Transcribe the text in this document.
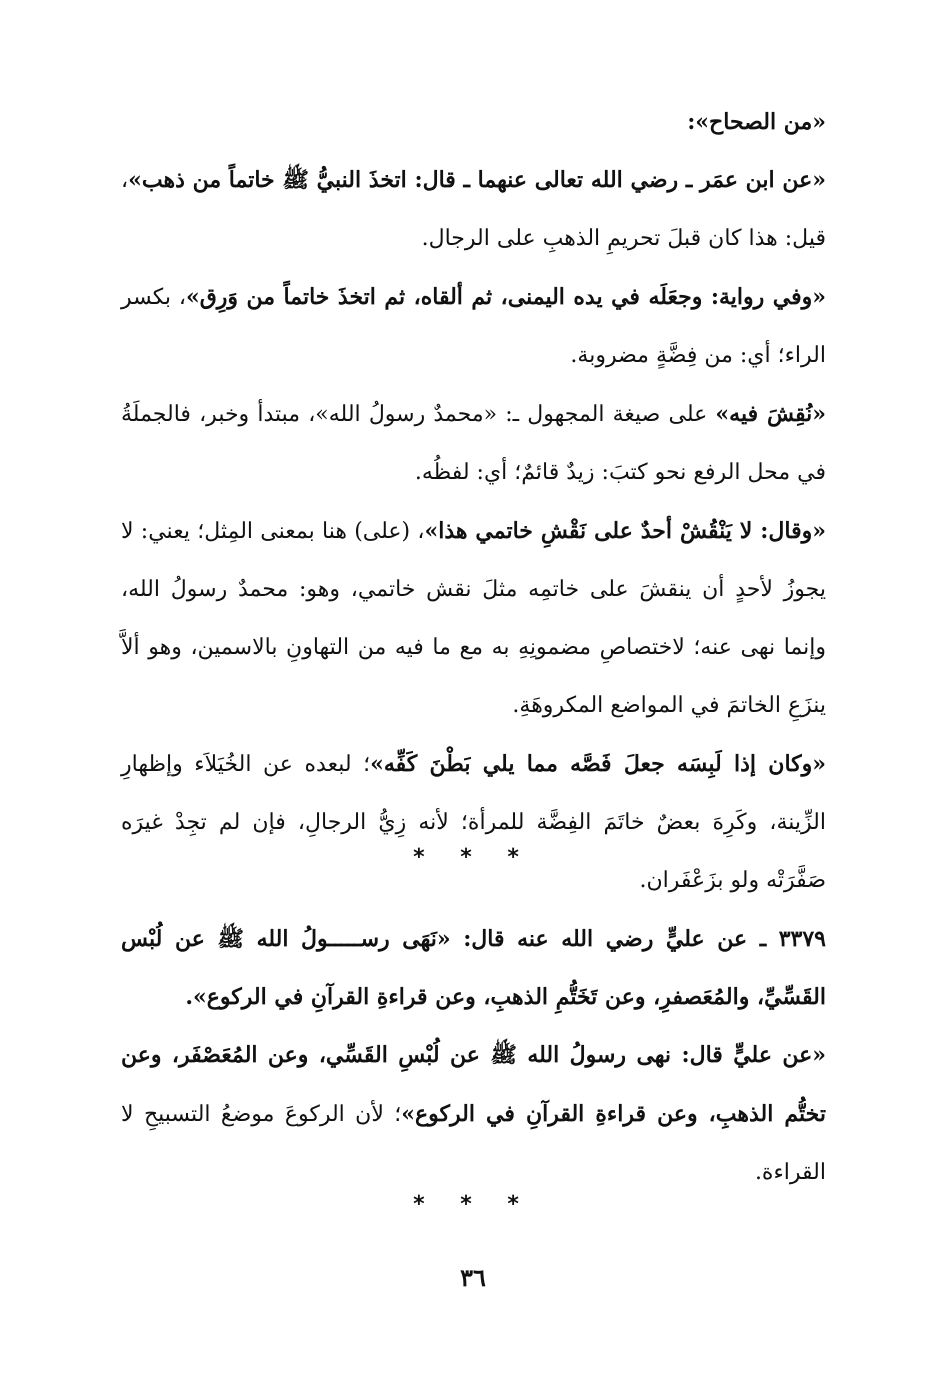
«من الصحاح»:

«عن ابن عمَر ـ رضي الله تعالى عنهما ـ قال: اتخذَ النبيُّ ﷺ خاتماً من ذهب»، قيل: هذا كان قبلَ تحريمِ الذهبِ على الرجال.

«وفي رواية: وجعَلَه في يده اليمنى، ثم ألقاه، ثم اتخذَ خاتماً من وَرِق»، بكسر الراء؛ أي: من فِضَّةٍ مضروبة.

«نُقِشَ فيه» على صيغة المجهول ـ: «محمدٌ رسولُ الله»، مبتدأ وخبر، فالجملَةُ في محل الرفع نحو كتبَ: زيدٌ قائمٌ؛ أي: لفظُه.

«وقال: لا يَنْقُشْ أحدٌ على نَقْشِ خاتمي هذا»، (على) هنا بمعنى المِثل؛ يعني: لا يجوزُ لأحدٍ أن ينقشَ على خاتمِه مثلَ نقش خاتمي، وهو: محمدٌ رسولُ الله، وإنما نهى عنه؛ لاختصاصِ مضمونِهِ به مع ما فيه من التهاونِ بالاسمين، وهو ألاَّ ينزَعِ الخاتمَ في المواضع المكروهَةِ.

«وكان إذا لَبِسَه جعلَ فَصَّه مما يلي بَطْنَ كَفِّه»؛ لبعده عن الخُيَلاَء وإظهارِ الزِّينة، وكَرِهَ بعضٌ خاتَمَ الفِضَّة للمرأة؛ لأنه زِيُّ الرجالِ، فإن لم تجِدْ غيرَه صَفَّرَتْه ولو بزَعْفَران.

* * *

٣٣٧٩ ـ عن عليٍّ رضي الله عنه قال: «نَهَى رســـــولُ الله ﷺ عن لُبْس القَسِّيِّ، والمُعَصفرِ، وعن تَخَتُّمِ الذهبِ، وعن قراءةِ القرآنِ في الركوع».

«عن عليٍّ قال: نهى رسولُ الله ﷺ عن لُبْسِ القَسِّي، وعن المُعَصْفَر، وعن تختُّم الذهبِ، وعن قراءةِ القرآنِ في الركوع»؛ لأن الركوعَ موضعُ التسبيحِ لا القراءة.

* * *
٣٦
